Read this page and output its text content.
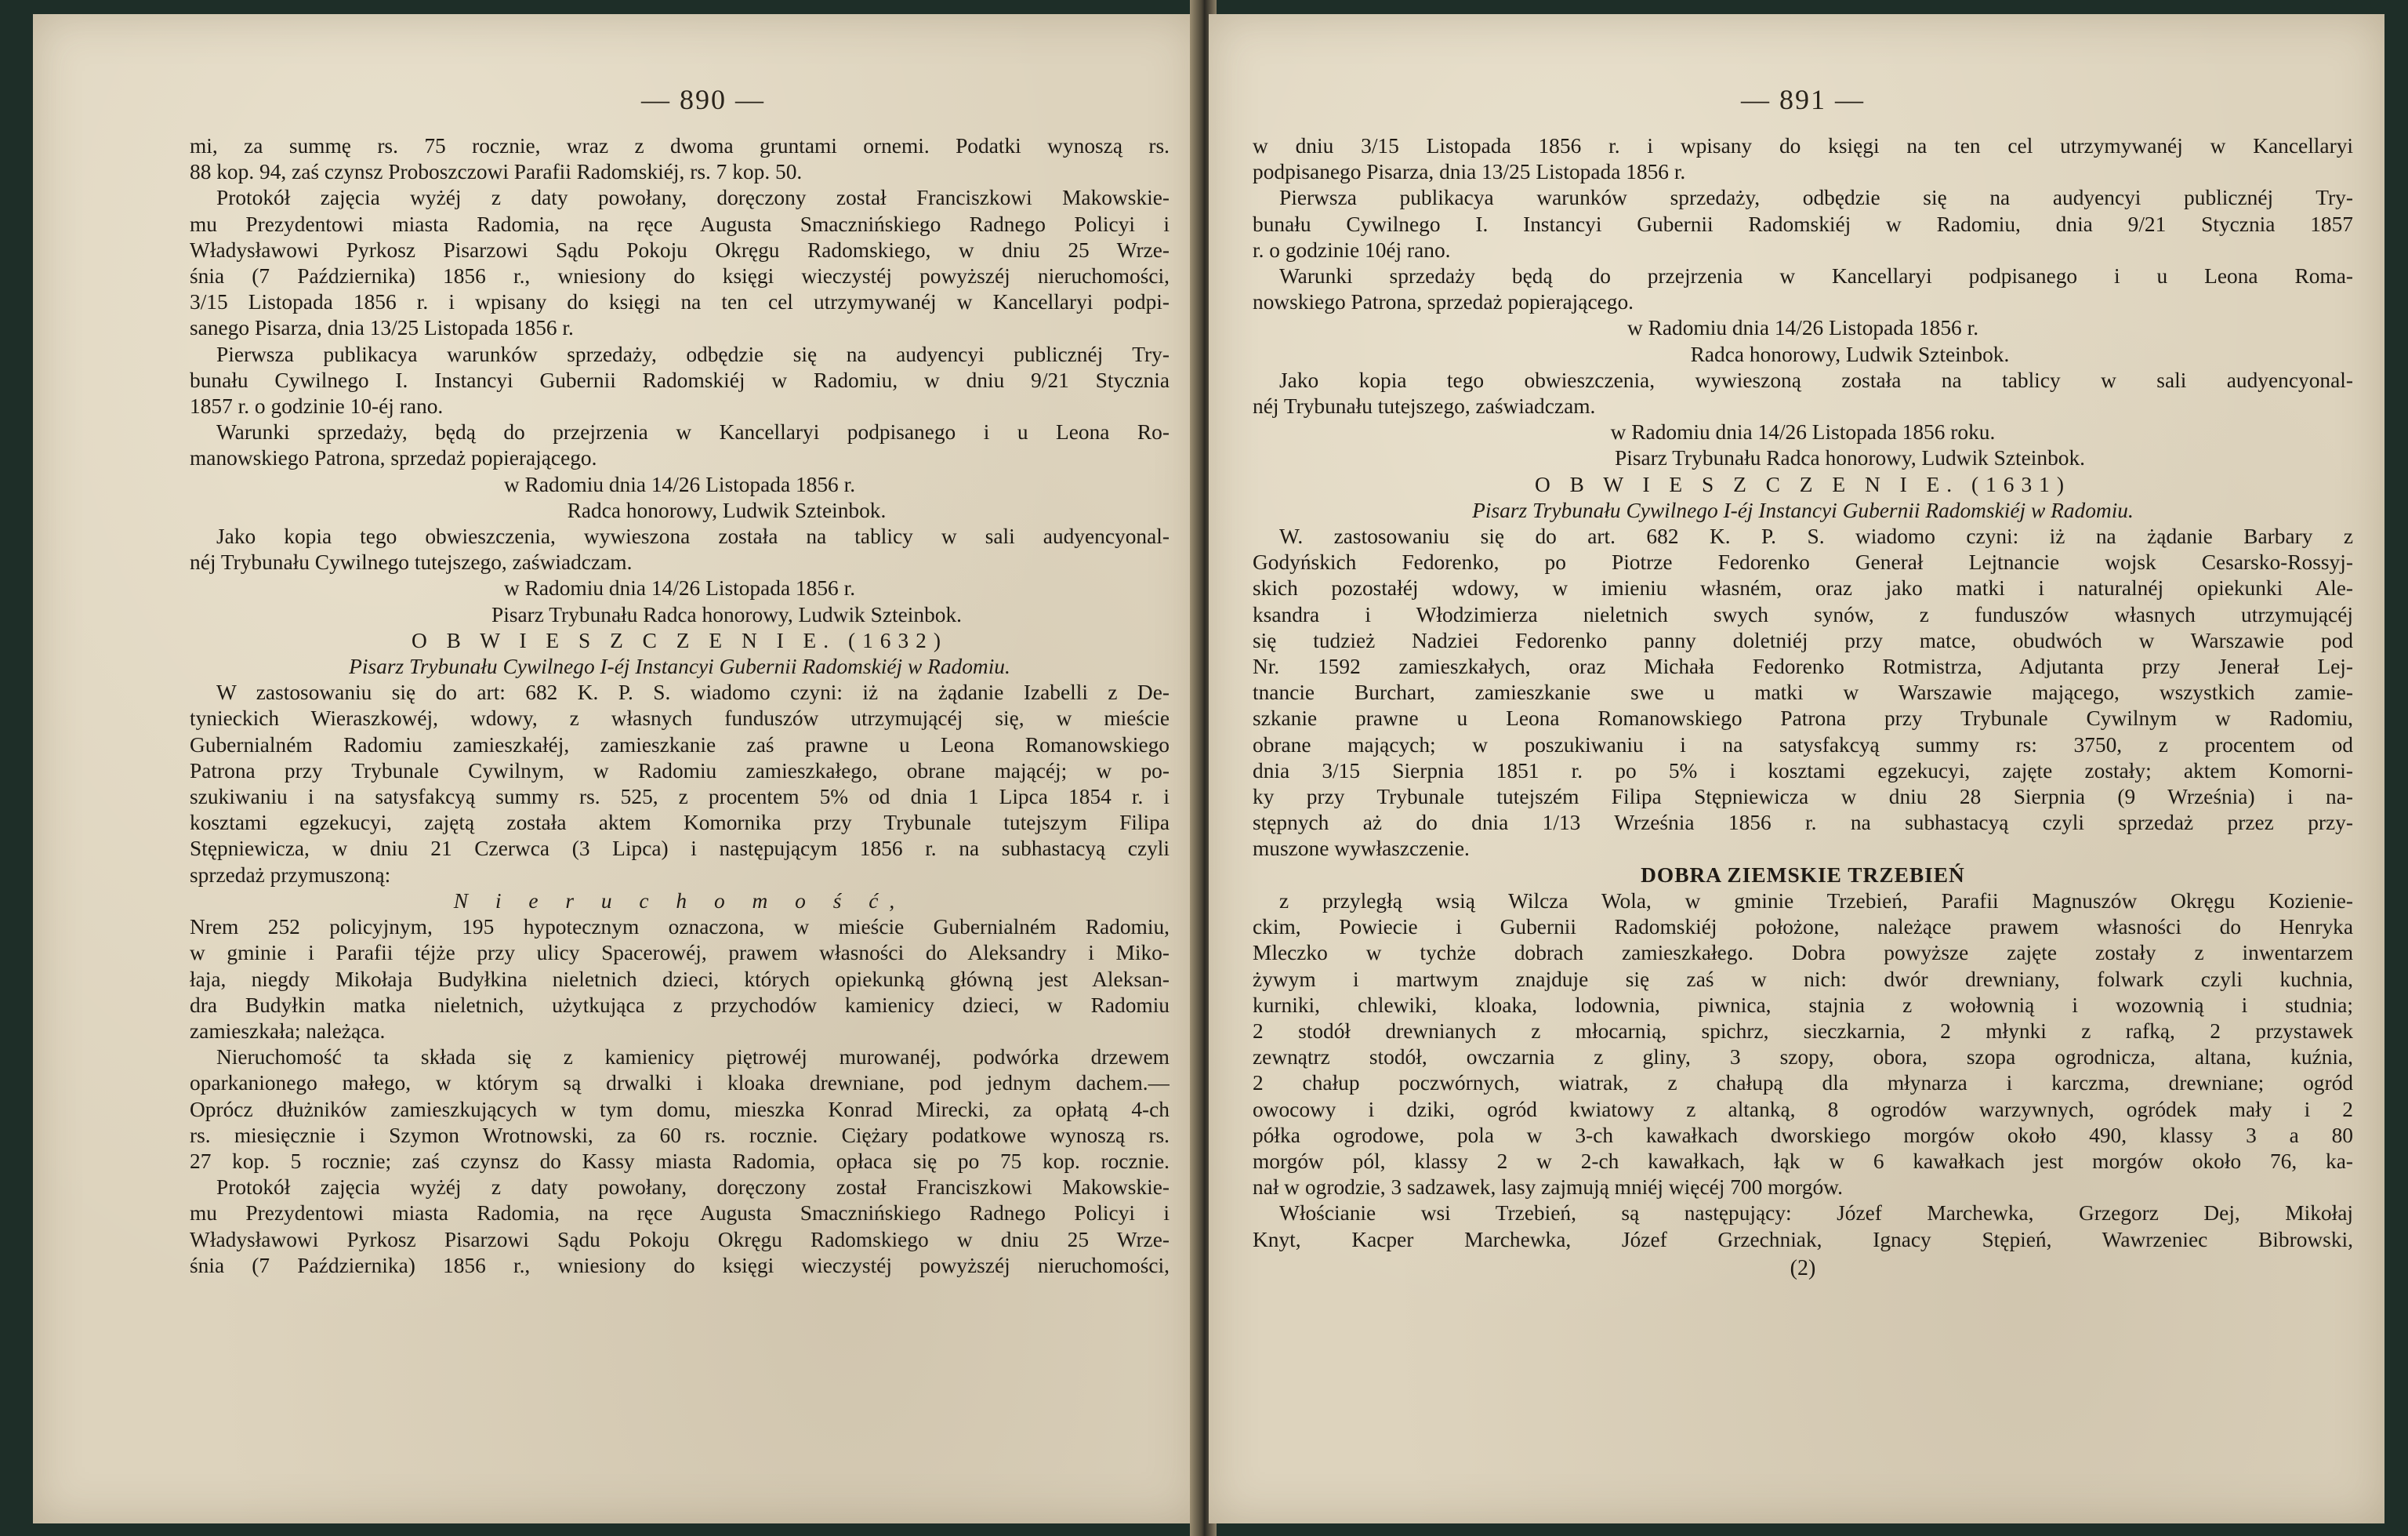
— 890 —

mi, za summę rs. 75 rocznie, wraz z dwoma gruntami ornemi. Podatki wynoszą rs.

88 kop. 94, zaś czynsz Proboszczowi Parafii Radomskiéj, rs. 7 kop. 50.

Protokół zajęcia wyżéj z daty powołany, doręczony został Franciszkowi Makowskie-

mu Prezydentowi miasta Radomia, na ręce Augusta Smacznińskiego Radnego Policyi i

Władysławowi Pyrkosz Pisarzowi Sądu Pokoju Okręgu Radomskiego, w dniu 25 Wrze-

śnia (7 Października) 1856 r., wniesiony do księgi wieczystéj powyższéj nieruchomości,

3/15 Listopada 1856 r. i wpisany do księgi na ten cel utrzymywanéj w Kancellaryi podpi-

sanego Pisarza, dnia 13/25 Listopada 1856 r.

Pierwsza publikacya warunków sprzedaży, odbędzie się na audyencyi publicznéj Try-

bunału Cywilnego I. Instancyi Gubernii Radomskiéj w Radomiu, w dniu 9/21 Stycznia

1857 r. o godzinie 10-éj rano.

Warunki sprzedaży, będą do przejrzenia w Kancellaryi podpisanego i u Leona Ro-

manowskiego Patrona, sprzedaż popierającego.

w Radomiu dnia 14/26 Listopada 1856 r.

Radca honorowy, Ludwik Szteinbok.

Jako kopia tego obwieszczenia, wywieszona została na tablicy w sali audyencyonal-

néj Trybunału Cywilnego tutejszego, zaświadczam.

w Radomiu dnia 14/26 Listopada 1856 r.

Pisarz Trybunału Radca honorowy, Ludwik Szteinbok.

O B W I E S Z C Z E N I E. (1632)

Pisarz Trybunału Cywilnego I-éj Instancyi Gubernii Radomskiéj w Radomiu.

W zastosowaniu się do art: 682 K. P. S. wiadomo czyni: iż na żądanie Izabelli z De-

tynieckich Wieraszkowéj, wdowy, z własnych funduszów utrzymującéj się, w mieście

Gubernialném Radomiu zamieszkałéj, zamieszkanie zaś prawne u Leona Romanowskiego

Patrona przy Trybunale Cywilnym, w Radomiu zamieszkałego, obrane mającéj; w po-

szukiwaniu i na satysfakcyą summy rs. 525, z procentem 5% od dnia 1 Lipca 1854 r. i

kosztami egzekucyi, zajętą została aktem Komornika przy Trybunale tutejszym Filipa

Stępniewicza, w dniu 21 Czerwca (3 Lipca) i następującym 1856 r. na subhastacyą czyli

sprzedaż przymuszoną:

N i e r u c h o m o ś ć,

Nrem 252 policyjnym, 195 hypotecznym oznaczona, w mieście Gubernialném Radomiu,

w gminie i Parafii téjże przy ulicy Spacerowéj, prawem własności do Aleksandry i Miko-

łaja, niegdy Mikołaja Budyłkina nieletnich dzieci, których opiekunką główną jest Aleksan-

dra Budyłkin matka nieletnich, użytkująca z przychodów kamienicy dzieci, w Radomiu

zamieszkała; należąca.

Nieruchomość ta składa się z kamienicy piętrowéj murowanéj, podwórka drzewem

oparkanionego małego, w którym są drwalki i kloaka drewniane, pod jednym dachem.—

Oprócz dłużników zamieszkujących w tym domu, mieszka Konrad Mirecki, za opłatą 4-ch

rs. miesięcznie i Szymon Wrotnowski, za 60 rs. rocznie. Ciężary podatkowe wynoszą rs.

27 kop. 5 rocznie; zaś czynsz do Kassy miasta Radomia, opłaca się po 75 kop. rocznie.

Protokół zajęcia wyżéj z daty powołany, doręczony został Franciszkowi Makowskie-

mu Prezydentowi miasta Radomia, na ręce Augusta Smacznińskiego Radnego Policyi i

Władysławowi Pyrkosz Pisarzowi Sądu Pokoju Okręgu Radomskiego w dniu 25 Wrze-

śnia (7 Października) 1856 r., wniesiony do księgi wieczystéj powyższéj nieruchomości,

— 891 —

w dniu 3/15 Listopada 1856 r. i wpisany do księgi na ten cel utrzymywanéj w Kancellaryi

podpisanego Pisarza, dnia 13/25 Listopada 1856 r.

Pierwsza publikacya warunków sprzedaży, odbędzie się na audyencyi publicznéj Try-

bunału Cywilnego I. Instancyi Gubernii Radomskiéj w Radomiu, dnia 9/21 Stycznia 1857

r. o godzinie 10éj rano.

Warunki sprzedaży będą do przejrzenia w Kancellaryi podpisanego i u Leona Roma-

nowskiego Patrona, sprzedaż popierającego.

w Radomiu dnia 14/26 Listopada 1856 r.

Radca honorowy, Ludwik Szteinbok.

Jako kopia tego obwieszczenia, wywieszoną została na tablicy w sali audyencyonal-

néj Trybunału tutejszego, zaświadczam.

w Radomiu dnia 14/26 Listopada 1856 roku.

Pisarz Trybunału Radca honorowy, Ludwik Szteinbok.

O B W I E S Z C Z E N I E. (1631)

Pisarz Trybunału Cywilnego I-éj Instancyi Gubernii Radomskiéj w Radomiu.

W. zastosowaniu się do art. 682 K. P. S. wiadomo czyni: iż na żądanie Barbary z

Godyńskich Fedorenko, po Piotrze Fedorenko Generał Lejtnancie wojsk Cesarsko-Rossyj-

skich pozostałéj wdowy, w imieniu własném, oraz jako matki i naturalnéj opiekunki Ale-

ksandra i Włodzimierza nieletnich swych synów, z funduszów własnych utrzymującéj

się tudzież Nadziei Fedorenko panny doletniéj przy matce, obudwóch w Warszawie pod

Nr. 1592 zamieszkałych, oraz Michała Fedorenko Rotmistrza, Adjutanta przy Jenerał Lej-

tnancie Burchart, zamieszkanie swe u matki w Warszawie mającego, wszystkich zamie-

szkanie prawne u Leona Romanowskiego Patrona przy Trybunale Cywilnym w Radomiu,

obrane mających; w poszukiwaniu i na satysfakcyą summy rs: 3750, z procentem od

dnia 3/15 Sierpnia 1851 r. po 5% i kosztami egzekucyi, zajęte zostały; aktem Komorni-

ky przy Trybunale tutejszém Filipa Stępniewicza w dniu 28 Sierpnia (9 Września) i na-

stępnych aż do dnia 1/13 Września 1856 r. na subhastacyą czyli sprzedaż przez przy-

muszone wywłaszczenie.

DOBRA ZIEMSKIE TRZEBIEŃ

z przyległą wsią Wilcza Wola, w gminie Trzebień, Parafii Magnuszów Okręgu Kozienie-

ckim, Powiecie i Gubernii Radomskiéj położone, należące prawem własności do Henryka

Mleczko w tychże dobrach zamieszkałego. Dobra powyższe zajęte zostały z inwentarzem

żywym i martwym znajduje się zaś w nich: dwór drewniany, folwark czyli kuchnia,

kurniki, chlewiki, kloaka, lodownia, piwnica, stajnia z wołownią i wozownią i studnia;

2 stodół drewnianych z młocarnią, spichrz, sieczkarnia, 2 młynki z rafką, 2 przystawek

zewnątrz stodół, owczarnia z gliny, 3 szopy, obora, szopa ogrodnicza, altana, kuźnia,

2 chałup poczwórnych, wiatrak, z chałupą dla młynarza i karczma, drewniane; ogród

owocowy i dziki, ogród kwiatowy z altanką, 8 ogrodów warzywnych, ogródek mały i 2

półka ogrodowe, pola w 3-ch kawałkach dworskiego morgów około 490, klassy 3 a 80

morgów pól, klassy 2 w 2-ch kawałkach, łąk w 6 kawałkach jest morgów około 76, ka-

nał w ogrodzie, 3 sadzawek, lasy zajmują mniéj więcéj 700 morgów.

Włościanie wsi Trzebień, są następujący: Józef Marchewka, Grzegorz Dej, Mikołaj

Knyt, Kacper Marchewka, Józef Grzechniak, Ignacy Stępień, Wawrzeniec Bibrowski,

(2)
